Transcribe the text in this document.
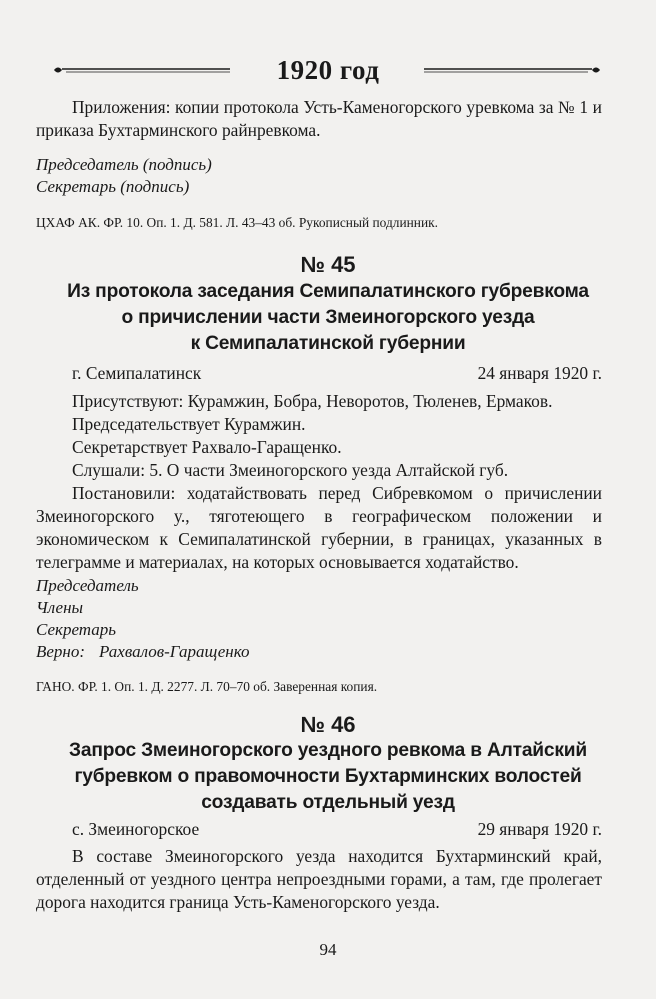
1920 год
Приложения: копии протокола Усть-Каменогорского уревкома за № 1 и приказа Бухтарминского райнревкома.
Председатель (подпись)
Секретарь (подпись)
ЦХАФ АК. ФР. 10. Оп. 1. Д. 581. Л. 43–43 об. Рукописный подлинник.
№ 45
Из протокола заседания Семипалатинского губревкома
о причислении части Змеиногорского уезда
к Семипалатинской губернии
г. Семипалатинск	24 января 1920 г.
Присутствуют: Курамжин, Бобра, Неворотов, Тюленев, Ермаков.
Председательствует Курамжин.
Секретарствует Рахвало-Гаращенко.
Слушали: 5. О части Змеиногорского уезда Алтайской губ.
Постановили: ходатайствовать перед Сибревкомом о причислении Змеиногорского у., тяготеющего в географическом положении и экономическом к Семипалатинской губернии, в границах, указанных в телеграмме и материалах, на которых основывается ходатайство.
Председатель
Члены
Секретарь
Верно: Рахвалов-Гаращенко
ГАНО. ФР. 1. Оп. 1. Д. 2277. Л. 70–70 об. Заверенная копия.
№ 46
Запрос Змеиногорского уездного ревкома в Алтайский
губревком о правомочности Бухтарминских волостей
создавать отдельный уезд
с. Змеиногорское	29 января 1920 г.
В составе Змеиногорского уезда находится Бухтарминский край, отделенный от уездного центра непроездными горами, а там, где пролегает дорога находится граница Усть-Каменогорского уезда.
94
